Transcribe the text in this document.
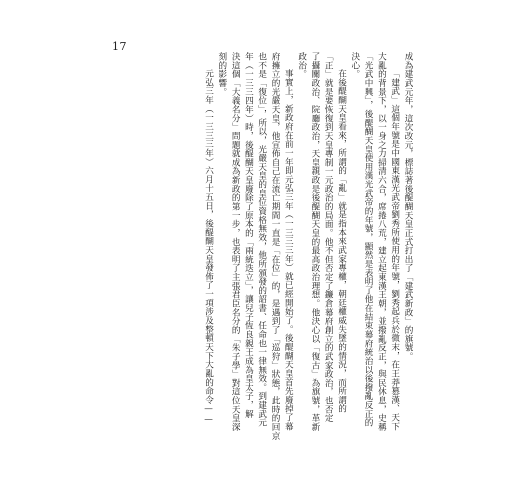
17
成為建武元年，這次改元，標誌著後醍醐天皇正式打出了「建武新政」的旗號。
「建武」這個年號是中國東漢光武帝劉秀所使用的年號，劉秀起兵於微末，在王莽篡漢、天下
大亂的背景下，以一身之力掃清六合，席捲八荒，建立起東漢王朝，並撥亂反正，與民休息，史稱
「光武中興」，後醍醐天皇使用漢光武帝的年號，顯然是表明了他在結束幕府統治以後撥亂反正的
決心。
在後醍醐天皇看來，所謂的「亂」就是指本來武家專權，朝廷權威失墜的情況，而所謂的
「正」就是要恢復到天皇專制一元政治的局面。他不但否定了鐮倉幕府創立的武家政治，也否定
了攝關政治、院廳政治，天皇親政是後醍醐天皇的最高政治理想。他決心以「復古」為旗號，革新
政治。
事實上，新政府在前一年即元弘三年（一三三三年）就已經開始了。後醍醐天皇首先廢掉了幕
府擁立的光嚴天皇，他宣佈自己在流亡期間一直是「在位」的，是遇到了「巡狩」狀態，此時的回京
也不是「復位」，所以，光嚴天皇的皇位資格無效，他所頒發的詔書、任命也一律無效。到建武元
年（一三三四年）時，後醍醐天皇廢除了原本的「兩統迭立」，讓兒子恆良親王成為皇太子，解
決這個「大義名分」問題就成為新政的第一步，也表明了主張君臣名分的「朱子學」對這位天皇深
刻的影響。
元弘三年（一三三三年）六月十五日，後醍醐天皇發佈了一項涉及整頓天下大亂的命令——
